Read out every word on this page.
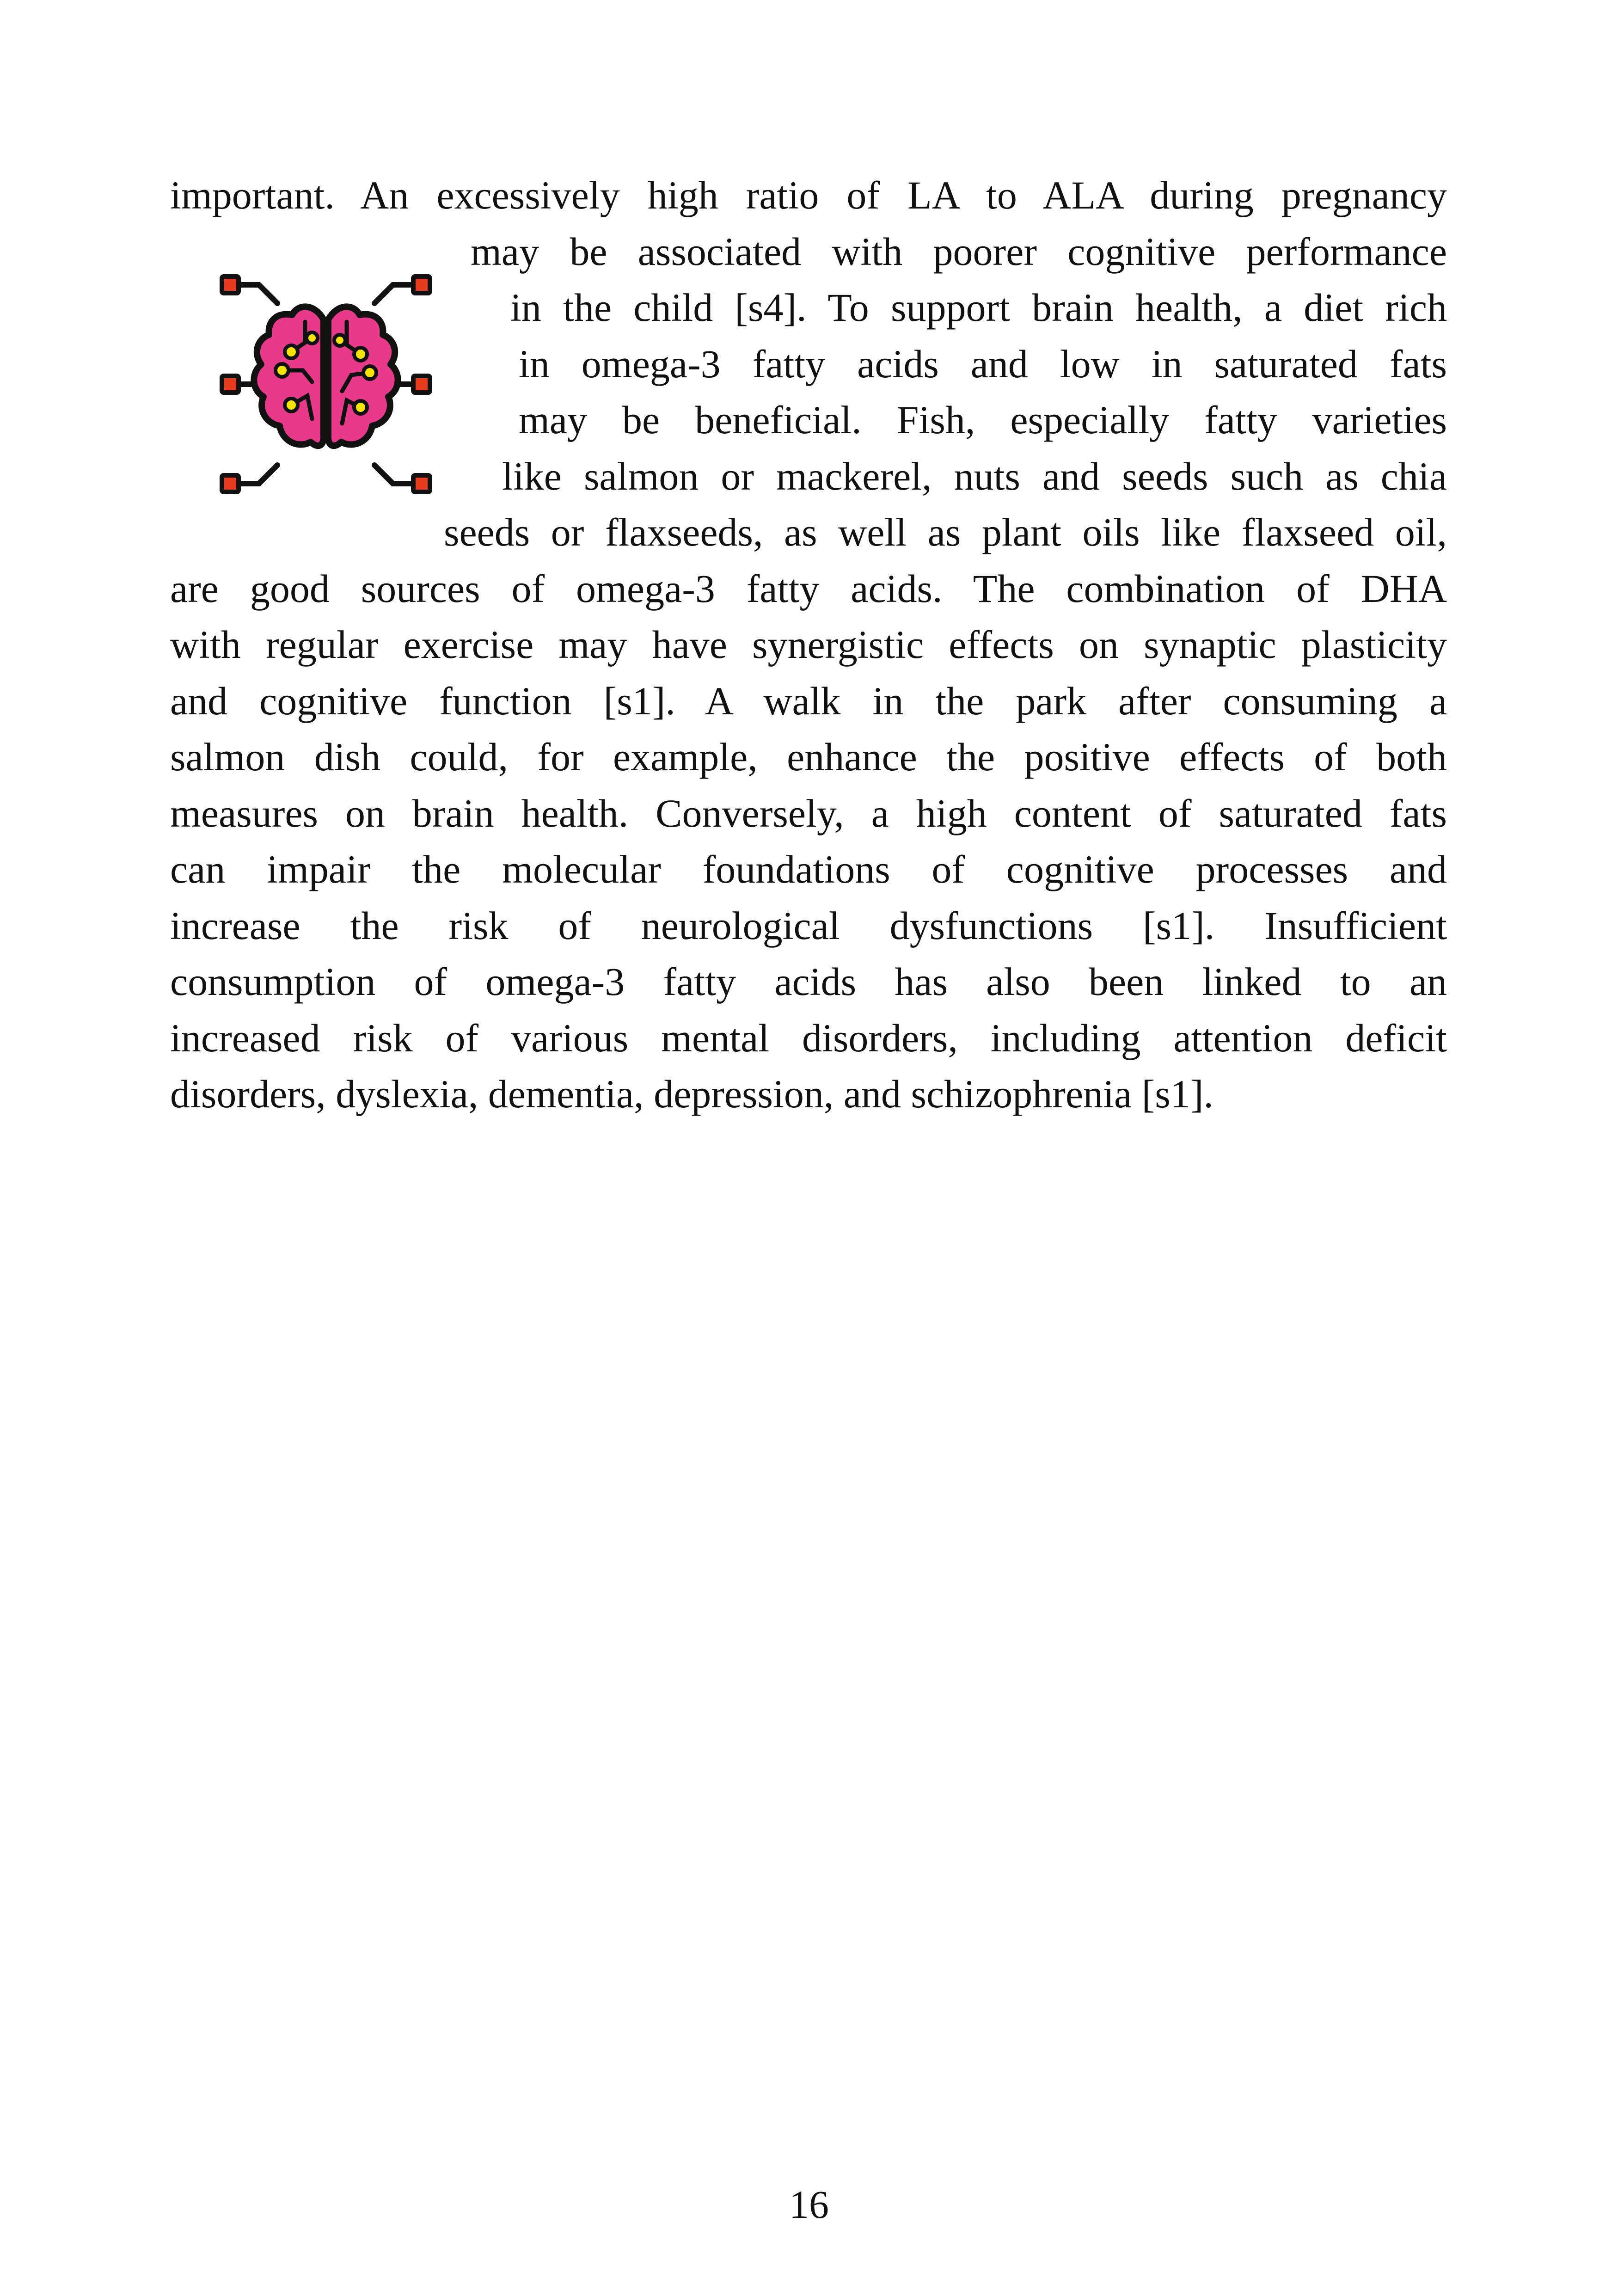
important. An excessively high ratio of LA to ALA during pregnancy
may be associated with poorer cognitive performance
in the child [s4]. To support brain health, a diet rich
in omega-3 fatty acids and low in saturated fats
may be beneficial. Fish, especially fatty varieties
like salmon or mackerel, nuts and seeds such as chia
seeds or flaxseeds, as well as plant oils like flaxseed oil,
are good sources of omega-3 fatty acids. The combination of DHA
with regular exercise may have synergistic effects on synaptic plasticity
and cognitive function [s1]. A walk in the park after consuming a
salmon dish could, for example, enhance the positive effects of both
measures on brain health. Conversely, a high content of saturated fats
can impair the molecular foundations of cognitive processes and
increase the risk of neurological dysfunctions [s1]. Insufficient
consumption of omega-3 fatty acids has also been linked to an
increased risk of various mental disorders, including attention deficit
disorders, dyslexia, dementia, depression, and schizophrenia [s1].
16
